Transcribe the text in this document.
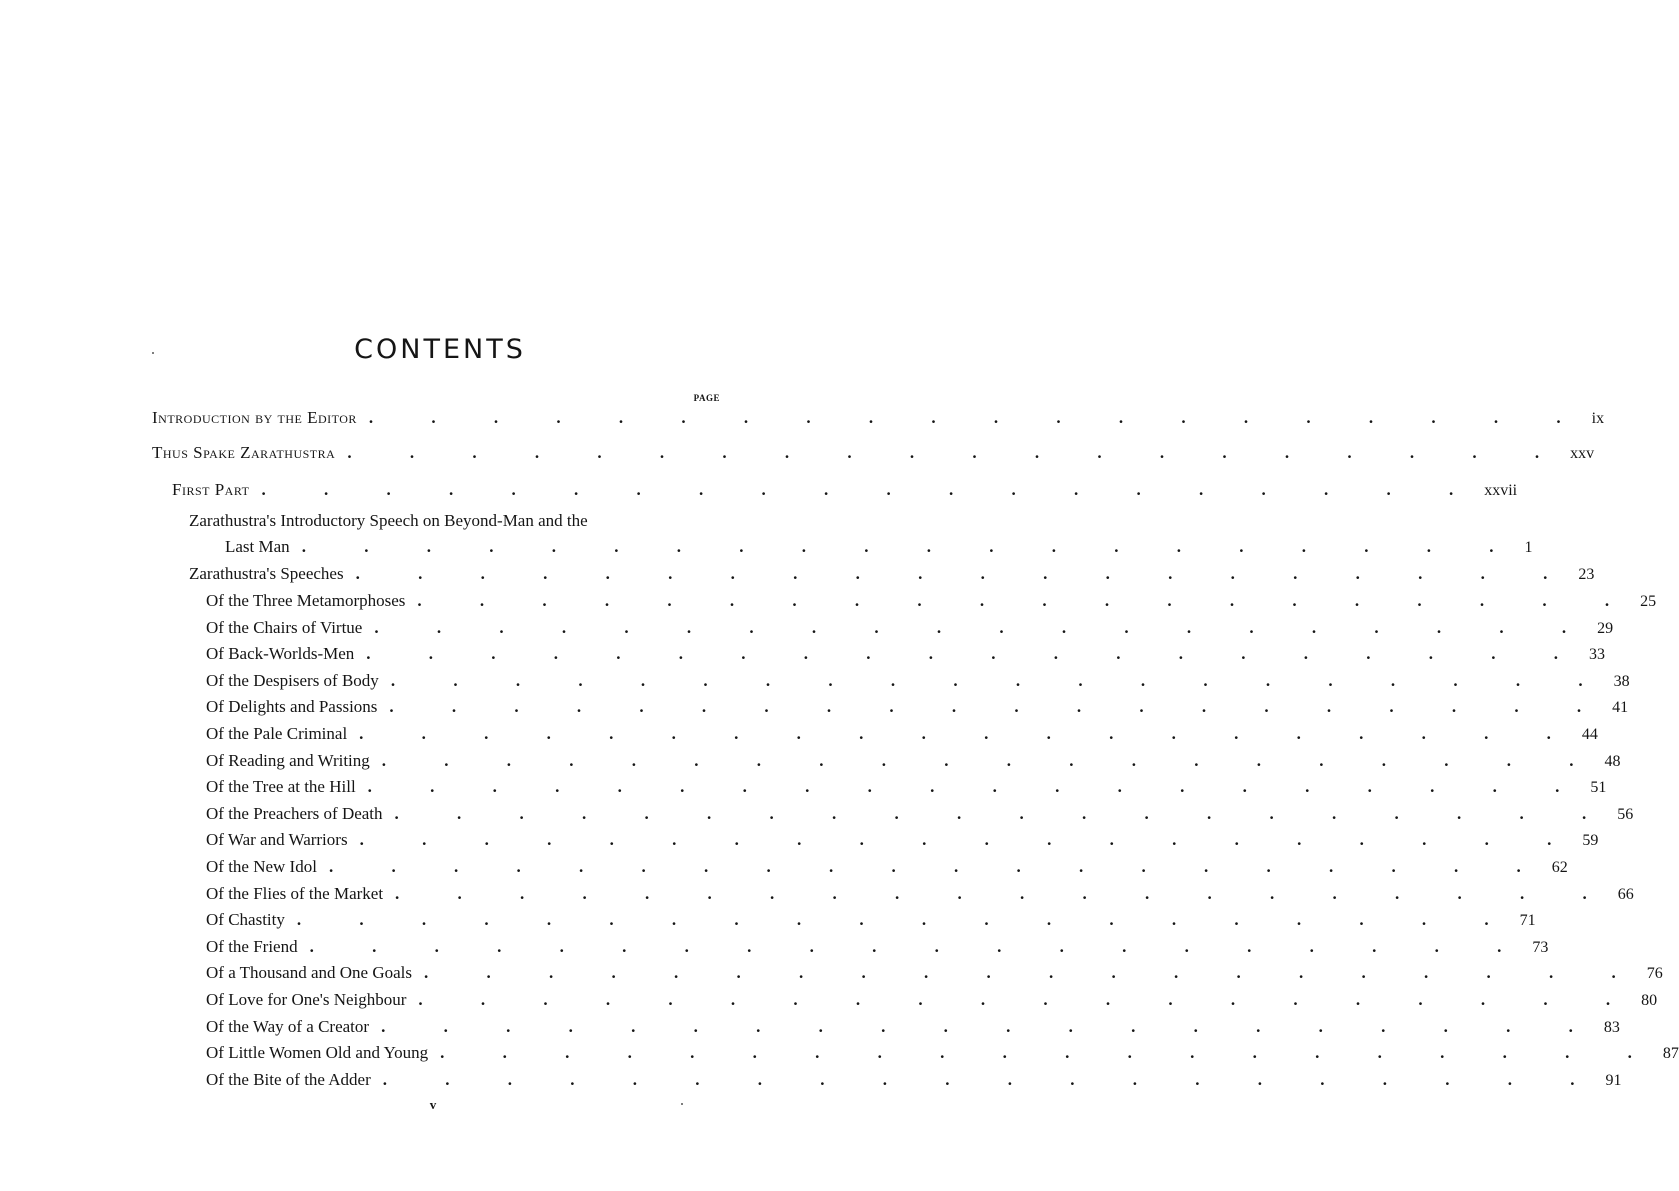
CONTENTS
PAGE
Introduction by the Editor . . . . . . . . . . . . . . . . . . . . ix
Thus Spake Zarathustra . . . . . . . . . . . . . . . . . . . . xxv
First Part . . . . . . . . . . . . . . . . . . . . xxvii
Zarathustra's Introductory Speech on Beyond-Man and the
Last Man . . . . . . . . . . . . . . . . . . . . 1
Zarathustra's Speeches . . . . . . . . . . . . . . . . . . . . 23
Of the Three Metamorphoses . . . . . . . . . . . . . . . . . . . . 25
Of the Chairs of Virtue . . . . . . . . . . . . . . . . . . . . 29
Of Back-Worlds-Men . . . . . . . . . . . . . . . . . . . . 33
Of the Despisers of Body . . . . . . . . . . . . . . . . . . . . 38
Of Delights and Passions . . . . . . . . . . . . . . . . . . . . 41
Of the Pale Criminal . . . . . . . . . . . . . . . . . . . . 44
Of Reading and Writing . . . . . . . . . . . . . . . . . . . . 48
Of the Tree at the Hill . . . . . . . . . . . . . . . . . . . . 51
Of the Preachers of Death . . . . . . . . . . . . . . . . . . . . 56
Of War and Warriors . . . . . . . . . . . . . . . . . . . . 59
Of the New Idol . . . . . . . . . . . . . . . . . . . . 62
Of the Flies of the Market . . . . . . . . . . . . . . . . . . . . 66
Of Chastity . . . . . . . . . . . . . . . . . . . . 71
Of the Friend . . . . . . . . . . . . . . . . . . . . 73
Of a Thousand and One Goals . . . . . . . . . . . . . . . . . . . . 76
Of Love for One's Neighbour . . . . . . . . . . . . . . . . . . . . 80
Of the Way of a Creator . . . . . . . . . . . . . . . . . . . . 83
Of Little Women Old and Young . . . . . . . . . . . . . . . . . . . . 87
Of the Bite of the Adder . . . . . . . . . . . . . . . . . . . . 91
v
